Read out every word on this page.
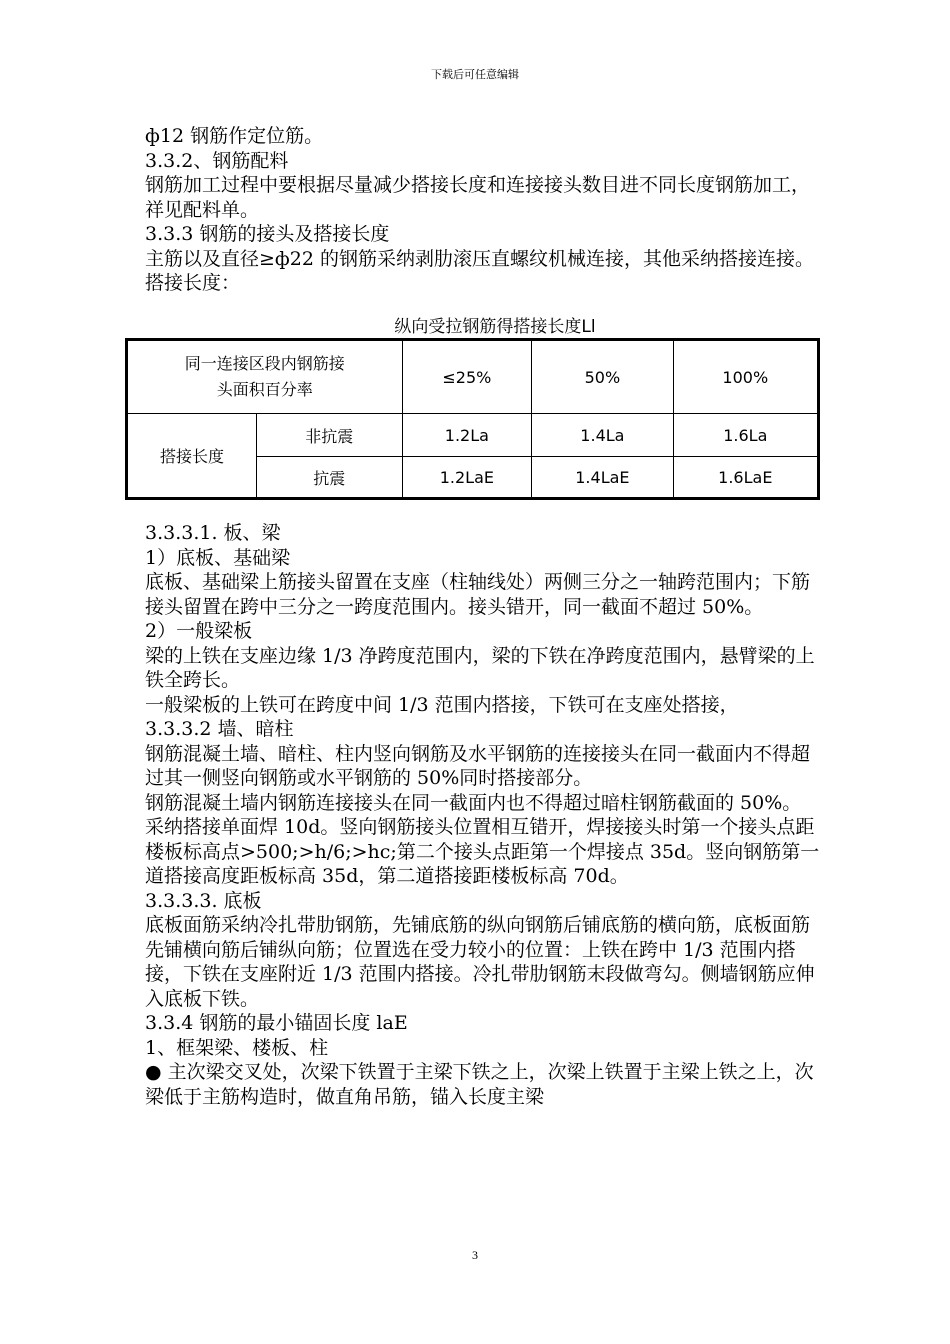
下载后可任意编辑

ф12 钢筋作定位筋。

3.3.2、钢筋配料

钢筋加工过程中要根据尽量减少搭接长度和连接接头数目进不同长度钢筋加工，祥见配料单。

3.3.3 钢筋的接头及搭接长度

主筋以及直径≥ф22 的钢筋采纳剥肋滚压直螺纹机械连接，其他采纳搭接连接。搭接长度：

纵向受拉钢筋得搭接长度Ll
同一连接区段内钢筋接
头面积百分率		≤25%	50%	100%
搭接长度	非抗震	1.2La	1.4La	1.6La
	抗震	1.2LaE	1.4LaE	1.6LaE

3.3.3.1. 板、梁

1）底板、基础梁

底板、基础梁上筋接头留置在支座（柱轴线处）两侧三分之一轴跨范围内；下筋接头留置在跨中三分之一跨度范围内。接头错开，同一截面不超过 50%。

2）一般梁板

梁的上铁在支座边缘 1/3 净跨度范围内，梁的下铁在净跨度范围内，悬臂梁的上铁全跨长。

一般梁板的上铁可在跨度中间 1/3 范围内搭接，下铁可在支座处搭接，

3.3.3.2 墙、暗柱

钢筋混凝土墙、暗柱、柱内竖向钢筋及水平钢筋的连接接头在同一截面内不得超过其一侧竖向钢筋或水平钢筋的 50%同时搭接部分。

钢筋混凝土墙内钢筋连接接头在同一截面内也不得超过暗柱钢筋截面的 50%。采纳搭接单面焊 10d。竖向钢筋接头位置相互错开，焊接接头时第一个接头点距楼板标高点>500;>h/6;>hc;第二个接头点距第一个焊接点 35d。竖向钢筋第一道搭接高度距板标高 35d，第二道搭接距楼板标高 70d。

3.3.3.3. 底板

底板面筋采纳冷扎带肋钢筋，先铺底筋的纵向钢筋后铺底筋的横向筋，底板面筋先铺横向筋后铺纵向筋；位置选在受力较小的位置：上铁在跨中 1/3 范围内搭接，下铁在支座附近 1/3 范围内搭接。冷扎带肋钢筋末段做弯勾。侧墙钢筋应伸入底板下铁。

3.3.4 钢筋的最小锚固长度 laE

1、框架梁、楼板、柱

● 主次梁交叉处，次梁下铁置于主梁下铁之上，次梁上铁置于主梁上铁之上，次梁低于主筋构造时，做直角吊筋，锚入长度主梁

3
